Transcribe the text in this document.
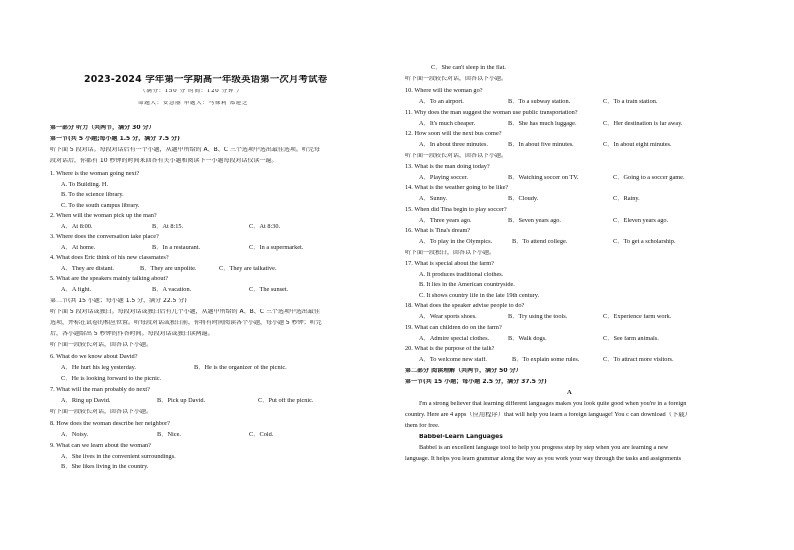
2023-2024 学年第一学期高一年级英语第一次月考试卷
（满分：150 分 时间：120 分钟 ）
命题人：安慧丽 审题人：马禄莉 郑建芝
第一部分 听力（共两节，满分 30 分）
第一节(共 5 小题;每小题 1.5 分，满分 7.5 分)
听下面 5 段对话。每段对话后有一个小题，从题中所给的 A、B、C 三个选项中选出最佳选项。听完每
段对话后，你都有 10 秒钟的时间来回答有关小题和阅读下一小题每段对话仅读一遍。
1. Where is the woman going next?
A. To Building. H.
B. To the science library.
C. To the south campus library.
2. When will the woman pick up the man?
A．At 8:00.	B．At 8:15.	C．At 8:30.
3. Where does the conversation take place?
A．At home.	B．In a restaurant.	C．In a supermarket.
4. What does Eric think of his new classmates?
A．They are distant.	B．They are unpolite.	C．They are talkative.
5. What are the speakers mainly talking about?
A．A fight.	B．A vacation.	C．The sunset.
第二节(共 15 小题；每小题 1.5 分，满分 22.5 分)
听下面 5 段对话或独白。每段对话或独白后有几个小题，从题中所给的 A、B、C 三个选项中选出最佳
选项，并标在试卷的相应位置。听每段对话或独白前，你将有时间阅读各个小题，每小题 5 秒钟；听完
后，各小题给出 5 秒钟的作答时间。每段对话或独白读两遍。
听下面一段较长对话，回答以下小题。
6. What do we know about David?
A．He hurt his leg yesterday.	B．He is the organizer of the picnic.
C．He is looking forward to the picnic.
7. What will the man probably do next?
A．Ring up David.	B．Pick up David.	C．Put off the picnic.
听下面一段较长对话，回答以下小题。
8. How does the woman describe her neighbor?
A．Noisy.	B．Nice.	C．Cold.
9. What can we learn about the woman?
A．She lives in the convenient surroundings.
B．She likes living in the country.
C．She can't sleep in the flat.
听下面一段较长对话，回答以下小题。
10. Where will the woman go?
A．To an airport.	B．To a subway station.	C．To a train station.
11. Why does the man suggest the woman use public transportation?
A．It's much cheaper.	B．She has much luggage.	C．Her destination is far away.
12. How soon will the next bus come?
A．In about three minutes.	B．In about five minutes.	C．In about eight minutes.
听下面一段较长对话，回答以下小题。
13. What is the man doing today?
A．Playing soccer.	B．Watching soccer on TV.	C．Going to a soccer game.
14. What is the weather going to be like?
A．Sunny.	B．Cloudy.	C．Rainy.
15. When did Tina begin to play soccer?
A．Three years ago.	B．Seven years ago.	C．Eleven years ago.
16. What is Tina's dream?
A．To play in the Olympics.	B．To attend college.	C．To get a scholarship.
听下面一段独白，回答以下小题。
17. What is special about the farm?
A. It produces traditional clothes.
B. It lies in the American countryside.
C. It shows country life in the late 19th century.
18. What does the speaker advise people to do?
A．Wear sports shoes.	B．Try using the tools.	C．Experience farm work.
19. What can children do on the farm?
A．Admire special clothes.	B．Walk dogs.	C．See farm animals.
20. What is the purpose of the talk?
A．To welcome new staff.	B．To explain some rules.	C．To attract more visitors.
第二部分 阅读理解（共两节，满分 50 分）
第一节(共 15 小题；每小题 2.5 分，满分 37.5 分)
A
I'm a strong believer that learning different languages makes you look quite good when you're in a foreign
country. Here are 4 apps（应用程序）that will help you learn a foreign language! You c can download（下载）
them for free.
Babbel-Learn Languages
Babbel is an excellent language tool to help you progress step by step when you are learning a new
language. It helps you learn grammar along the way as you work your way through the tasks and assignments
